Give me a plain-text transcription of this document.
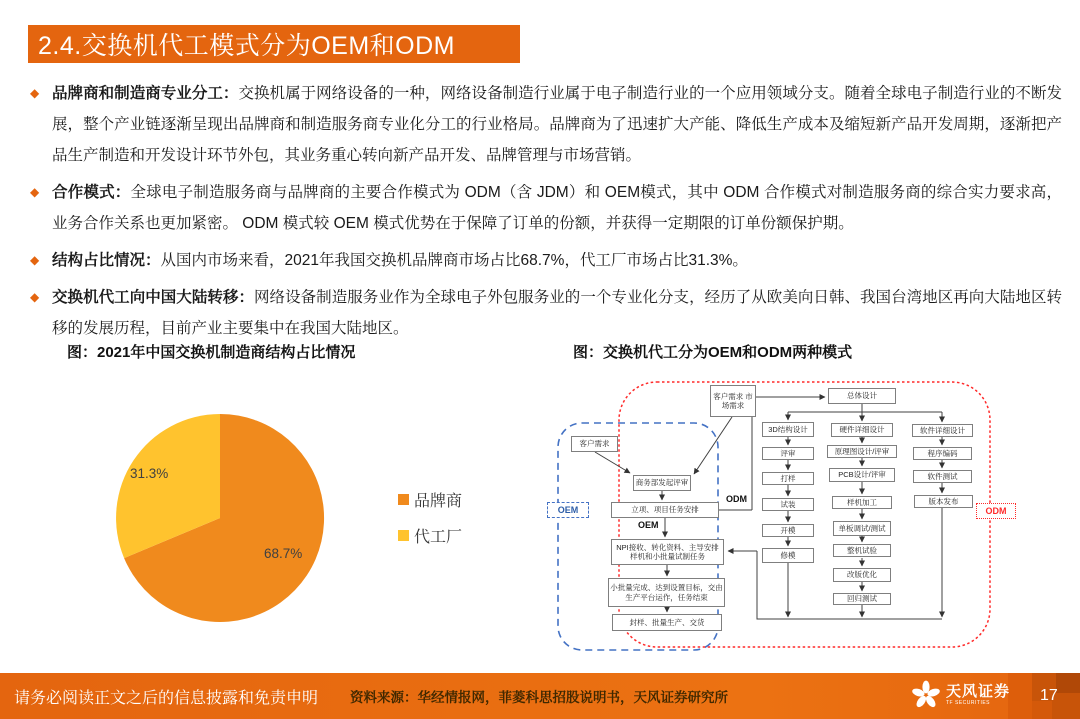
2.4.交换机代工模式分为OEM和ODM
◆ 品牌商和制造商专业分工：交换机属于网络设备的一种，网络设备制造行业属于电子制造行业的一个应用领域分支。随着全球电子制造行业的不断发展，整个产业链逐渐呈现出品牌商和制造服务商专业化分工的行业格局。品牌商为了迅速扩大产能、降低生产成本及缩短新产品开发周期，逐渐把产品生产制造和开发设计环节外包，其业务重心转向新产品开发、品牌管理与市场营销。
◆ 合作模式：全球电子制造服务商与品牌商的主要合作模式为 ODM（含 JDM）和 OEM模式，其中 ODM 合作模式对制造服务商的综合实力要求高，业务合作关系也更加紧密。 ODM 模式较 OEM 模式优势在于保障了订单的份额，并获得一定期限的订单份额保护期。
◆ 结构占比情况：从国内市场来看，2021年我国交换机品牌商市场占比68.7%，代工厂市场占比31.3%。
◆ 交换机代工向中国大陆转移：网络设备制造服务业作为全球电子外包服务业的一个专业化分支，经历了从欧美向日韩、我国台湾地区再向大陆地区转移的发展历程，目前产业主要集中在我国大陆地区。
图：2021年中国交换机制造商结构占比情况	图：交换机代工分为OEM和ODM两种模式
31.3%
68.7%
品牌商
代工厂
客户需求 市场需求
客户需求
商务部发起评审
立项、项目任务安排
NPI接收、转化资料、主导安排样机和小批量试制任务
小批量完成、达到设置目标，交由生产平台运作，任务结束
封样、批量生产、交货
总体设计
3D结构设计
评审
打样
试装
开模
修模
硬件详细设计
原理图设计/评审
PCB设计/评审
样机加工
单板调试/测试
整机试验
改版优化
回归测试
软件详细设计
程序编码
软件测试
版本发布
OEM
OEM
ODM
ODM
请务必阅读正文之后的信息披露和免责申明 资料来源：华经情报网，菲菱科思招股说明书，天风证券研究所	天风证券
TF SECURITIES	17
